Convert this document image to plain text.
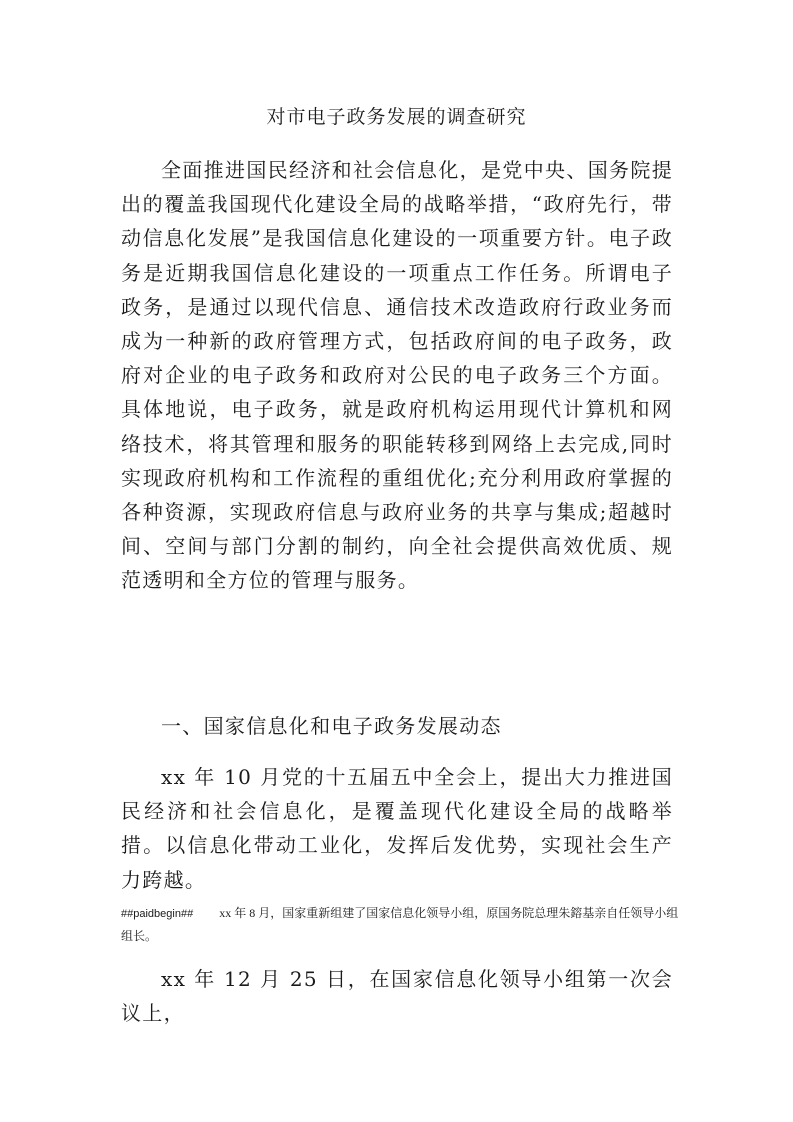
对市电子政务发展的调查研究

全面推进国民经济和社会信息化，是党中央、国务院提出的覆盖我国现代化建设全局的战略举措，“政府先行，带动信息化发展”是我国信息化建设的一项重要方针。电子政务是近期我国信息化建设的一项重点工作任务。所谓电子政务，是通过以现代信息、通信技术改造政府行政业务而成为一种新的政府管理方式，包括政府间的电子政务，政府对企业的电子政务和政府对公民的电子政务三个方面。具体地说，电子政务，就是政府机构运用现代计算机和网络技术，将其管理和服务的职能转移到网络上去完成,同时实现政府机构和工作流程的重组优化;充分利用政府掌握的各种资源，实现政府信息与政府业务的共享与集成;超越时间、空间与部门分割的制约，向全社会提供高效优质、规范透明和全方位的管理与服务。

一、国家信息化和电子政务发展动态

xx 年 10 月党的十五届五中全会上，提出大力推进国民经济和社会信息化，是覆盖现代化建设全局的战略举措。以信息化带动工业化，发挥后发优势，实现社会生产力跨越。

##paidbegin## xx 年 8 月，国家重新组建了国家信息化领导小组，原国务院总理朱鎔基亲自任领导小组组长。

xx 年 12 月 25 日，在国家信息化领导小组第一次会议上，
